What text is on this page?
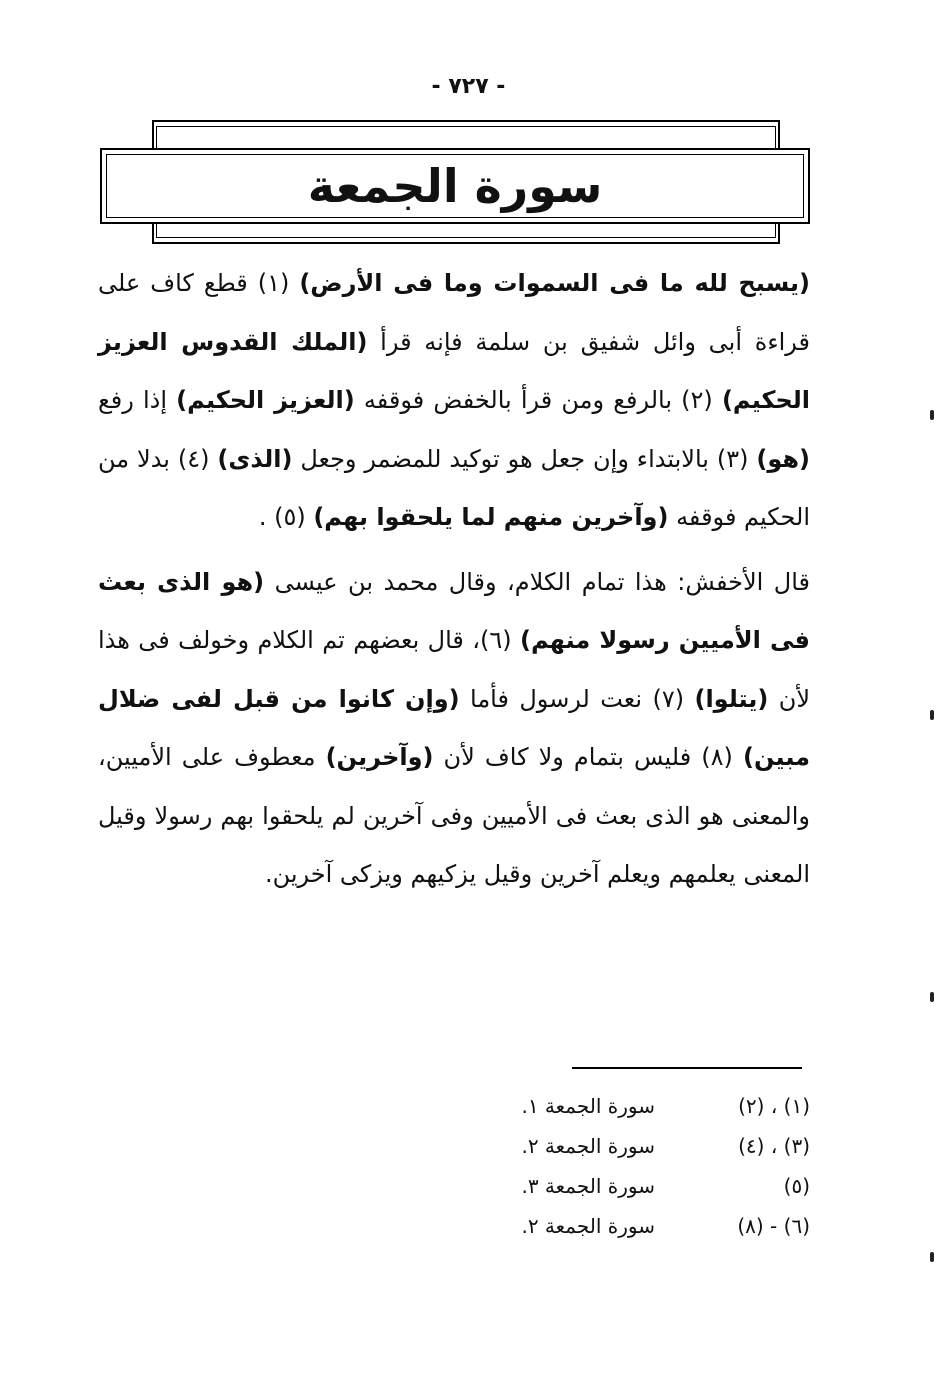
- ٧٢٧ -
سورة الجمعة

(يسبح لله ما فى السموات وما فى الأرض) (١) قطع كاف على قراءة أبى وائل شفيق بن سلمة فإنه قرأ (الملك القدوس العزيز الحكيم) (٢) بالرفع ومن قرأ بالخفض فوقفه (العزيز الحكيم) إذا رفع (هو) (٣) بالابتداء وإن جعل هو توكيد للمضمر وجعل (الذى) (٤) بدلا من الحكيم فوقفه (وآخرين منهم لما يلحقوا بهم) (٥) .

قال الأخفش: هذا تمام الكلام، وقال محمد بن عيسى (هو الذى بعث فى الأميين رسولا منهم) (٦)، قال بعضهم تم الكلام وخولف فى هذا لأن (يتلوا) (٧) نعت لرسول فأما (وإن كانوا من قبل لفى ضلال مبين) (٨) فليس بتمام ولا كاف لأن (وآخرين) معطوف على الأميين، والمعنى هو الذى بعث فى الأميين وفى آخرين لم يلحقوا بهم رسولا وقيل المعنى يعلمهم ويعلم آخرين وقيل يزكيهم ويزكى آخرين.

(١) ، (٢)
سورة الجمعة ١.
(٣) ، (٤)
سورة الجمعة ٢.
(٥)
سورة الجمعة ٣.
(٦) - (٨)
سورة الجمعة ٢.
